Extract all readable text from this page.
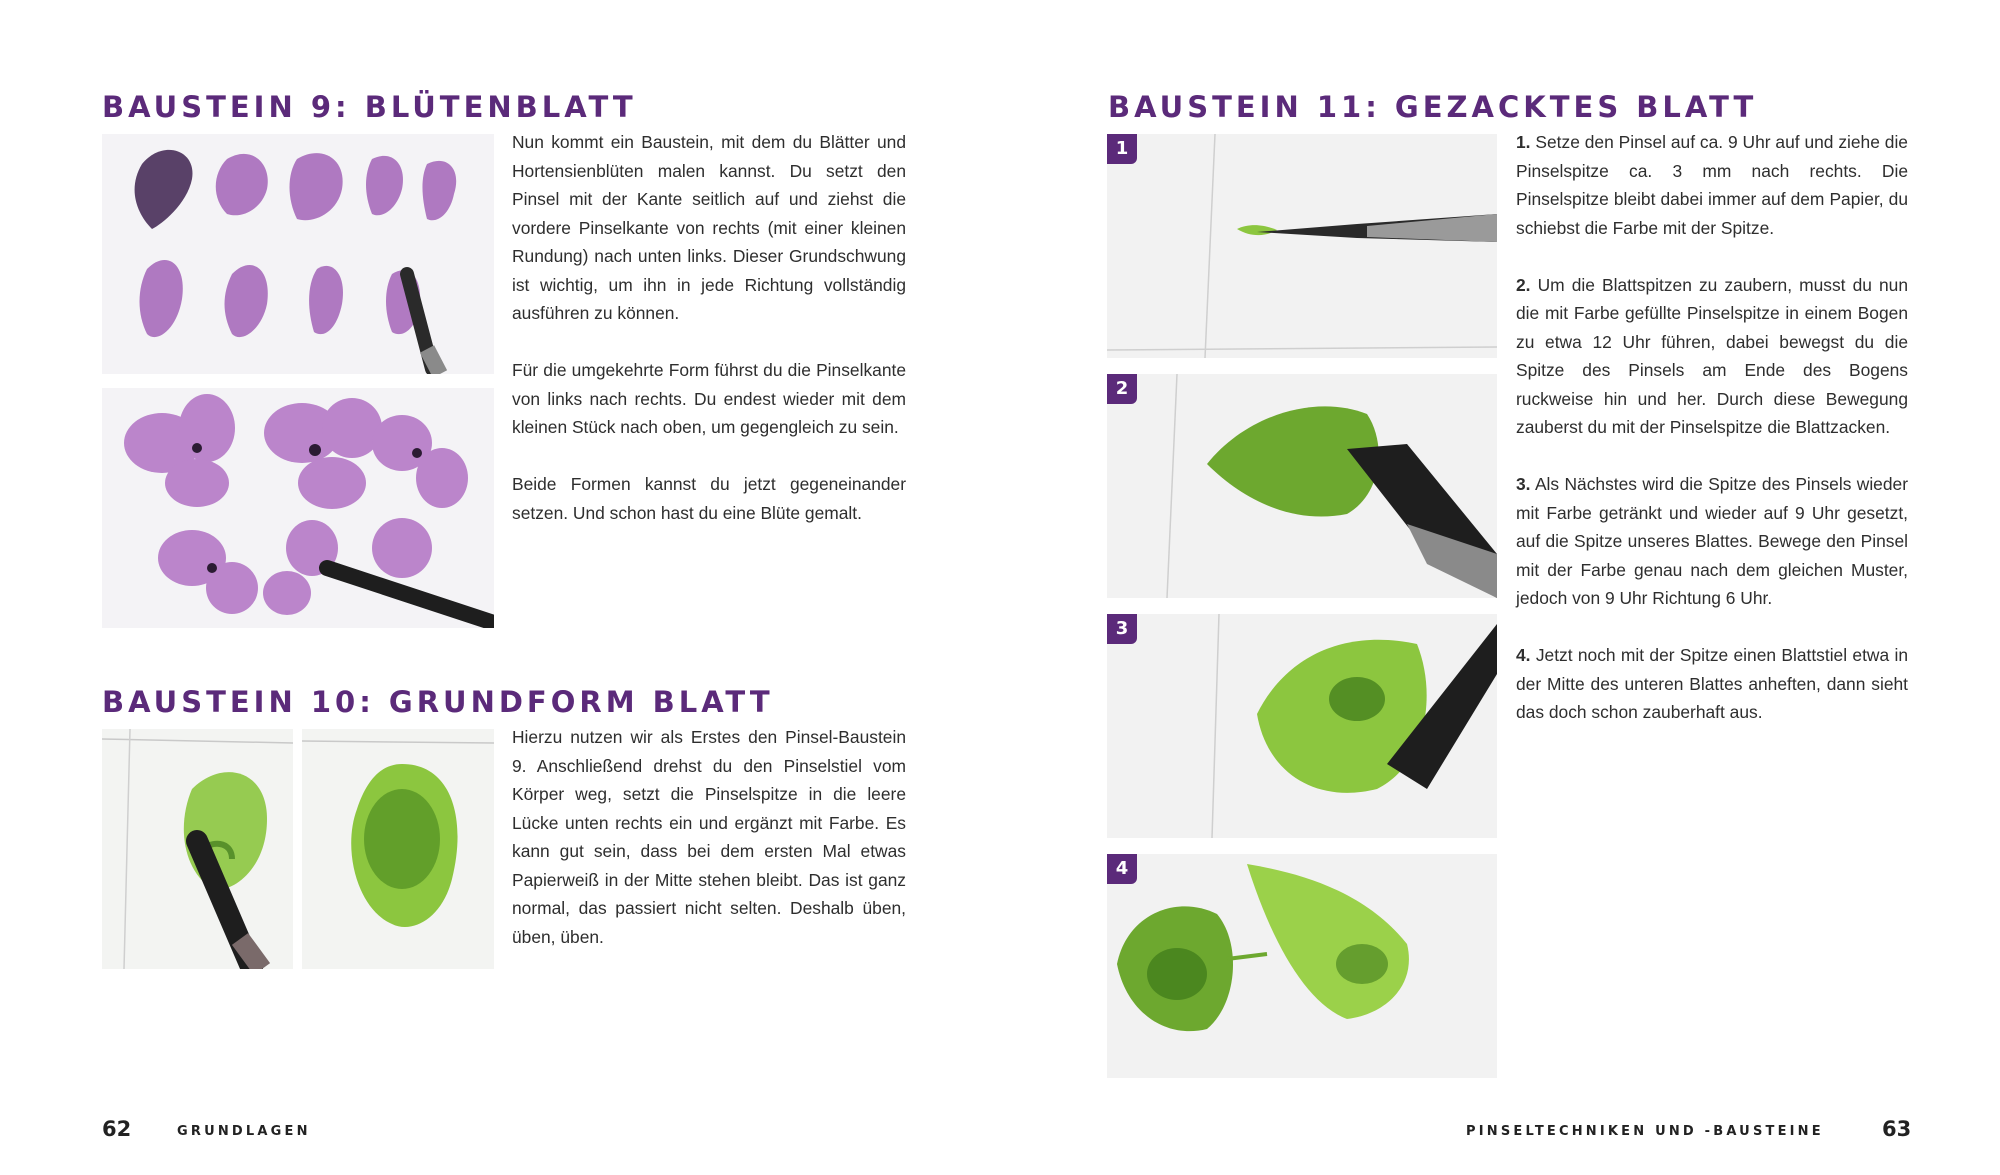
BAUSTEIN 9: BLÜTENBLATT

Nun kommt ein Baustein, mit dem du Blätter und Hortensienblüten malen kannst. Du setzt den Pinsel mit der Kante seitlich auf und ziehst die vordere Pinselkante von rechts (mit einer kleinen Rundung) nach unten links. Dieser Grundschwung ist wichtig, um ihn in jede Richtung vollständig ausführen zu können.

Für die umgekehrte Form führst du die Pinselkante von links nach rechts. Du endest wieder mit dem kleinen Stück nach oben, um gegengleich zu sein.

Beide Formen kannst du jetzt gegeneinander setzen. Und schon hast du eine Blüte gemalt.

BAUSTEIN 10: GRUNDFORM BLATT

Hierzu nutzen wir als Erstes den Pinsel-Baustein 9. Anschließend drehst du den Pinselstiel vom Körper weg, setzt die Pinselspitze in die leere Lücke unten rechts ein und ergänzt mit Farbe. Es kann gut sein, dass bei dem ersten Mal etwas Papierweiß in der Mitte stehen bleibt. Das ist ganz normal, das passiert nicht selten. Deshalb üben, üben, üben.

62	GRUNDLAGEN
BAUSTEIN 11: GEZACKTES BLATT
1
2
3
4

1. Setze den Pinsel auf ca. 9 Uhr auf und ziehe die Pinselspitze ca. 3 mm nach rechts. Die Pinselspitze bleibt dabei immer auf dem Papier, du schiebst die Farbe mit der Spitze.

2. Um die Blattspitzen zu zaubern, musst du nun die mit Farbe gefüllte Pinselspitze in einem Bogen zu etwa 12 Uhr führen, dabei bewegst du die Spitze des Pinsels am Ende des Bogens ruckweise hin und her. Durch diese Bewegung zauberst du mit der Pinselspitze die Blattzacken.

3. Als Nächstes wird die Spitze des Pinsels wieder mit Farbe getränkt und wieder auf 9 Uhr gesetzt, auf die Spitze unseres Blattes. Bewege den Pinsel mit der Farbe genau nach dem gleichen Muster, jedoch von 9 Uhr Richtung 6 Uhr.

4. Jetzt noch mit der Spitze einen Blattstiel etwa in der Mitte des unteren Blattes anheften, dann sieht das doch schon zauberhaft aus.

PINSELTECHNIKEN UND -BAUSTEINE	63
